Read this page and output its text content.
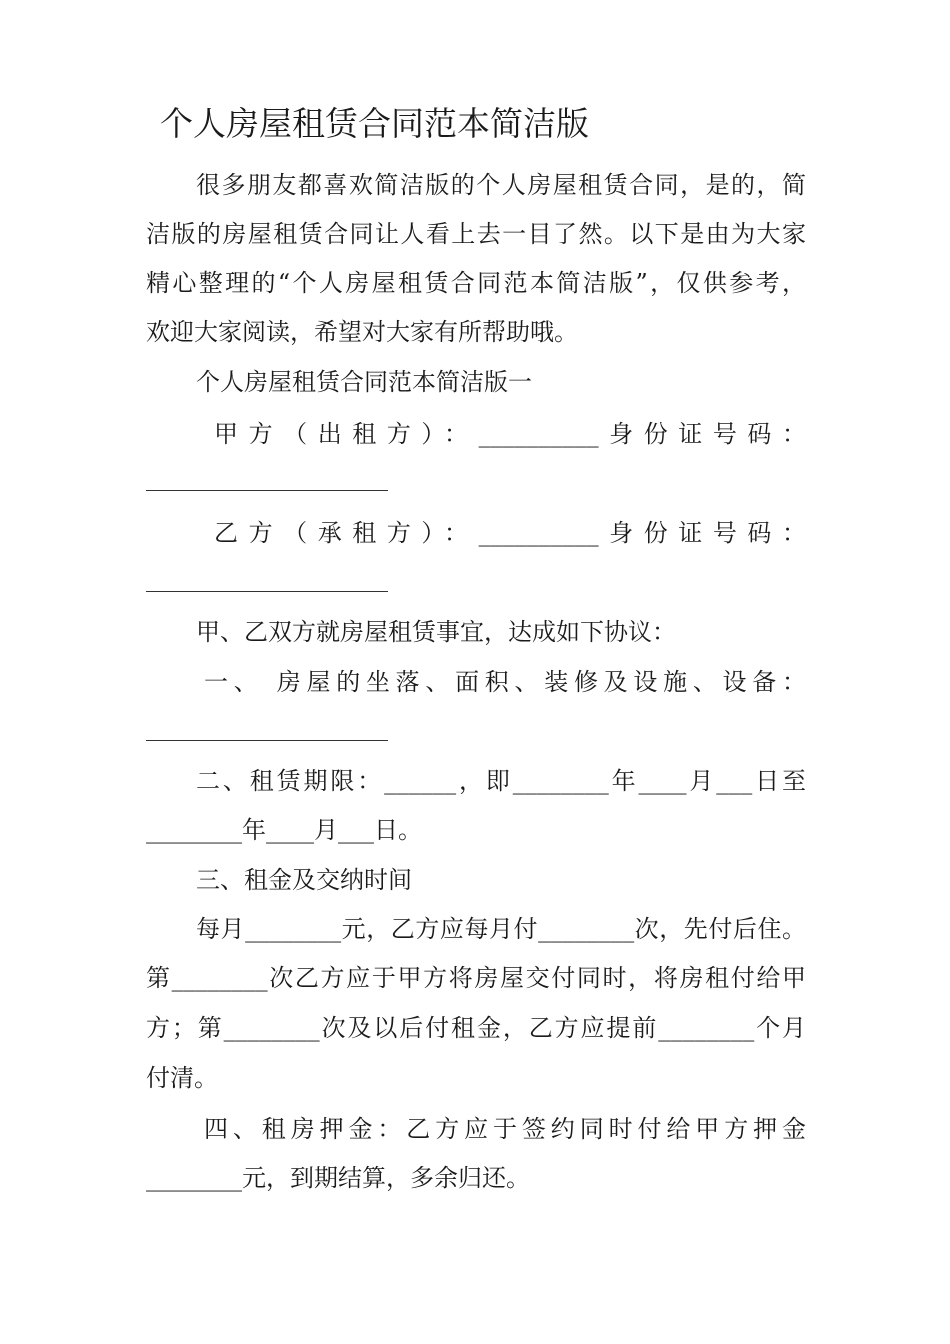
个人房屋租赁合同范本简洁版
很多朋友都喜欢简洁版的个人房屋租赁合同，是的，简
洁版的房屋租赁合同让人看上去一目了然。以下是由为大家
精心整理的“个人房屋租赁合同范本简洁版”，仅供参考，
欢迎大家阅读，希望对大家有所帮助哦。
个人房屋租赁合同范本简洁版一
甲方（出租方）：__________身份证号码：
乙方（承租方）：__________身份证号码：
甲、乙双方就房屋租赁事宜，达成如下协议：
一、 房屋的坐落、面积、装修及设施、设备：
二、租赁期限：______，即________年____月___日至
________年____月___日。
三、租金及交纳时间
每月________元，乙方应每月付________次，先付后住。
第________次乙方应于甲方将房屋交付同时，将房租付给甲
方；第________次及以后付租金，乙方应提前________个月
付清。
四、租房押金：乙方应于签约同时付给甲方押金
________元，到期结算，多余归还。
